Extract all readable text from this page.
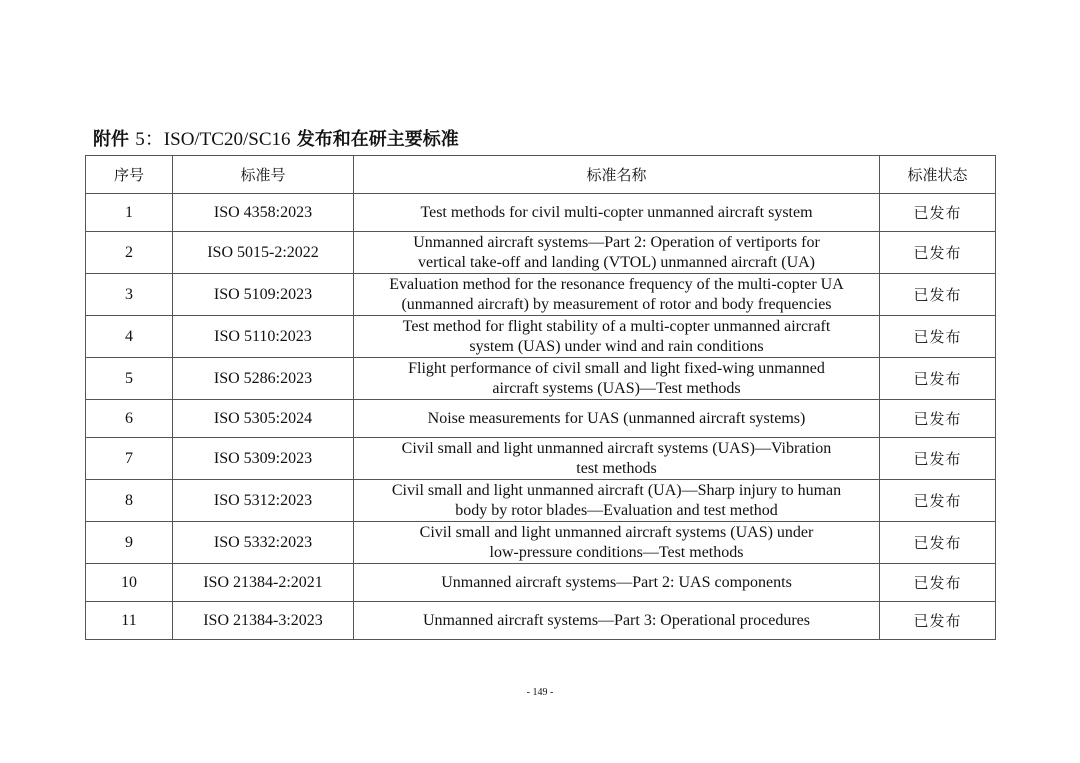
附件 5：ISO/TC20/SC16 发布和在研主要标准
序号	标准号	标准名称	标准状态
1	ISO 4358:2023	Test methods for civil multi-copter unmanned aircraft system	已发布
2	ISO 5015-2:2022	Unmanned aircraft systems—Part 2: Operation of vertiports for
vertical take-off and landing (VTOL) unmanned aircraft (UA)	已发布
3	ISO 5109:2023	Evaluation method for the resonance frequency of the multi-copter UA
(unmanned aircraft) by measurement of rotor and body frequencies	已发布
4	ISO 5110:2023	Test method for flight stability of a multi-copter unmanned aircraft
system (UAS) under wind and rain conditions	已发布
5	ISO 5286:2023	Flight performance of civil small and light fixed-wing unmanned
aircraft systems (UAS)—Test methods	已发布
6	ISO 5305:2024	Noise measurements for UAS (unmanned aircraft systems)	已发布
7	ISO 5309:2023	Civil small and light unmanned aircraft systems (UAS)—Vibration
test methods	已发布
8	ISO 5312:2023	Civil small and light unmanned aircraft (UA)—Sharp injury to human
body by rotor blades—Evaluation and test method	已发布
9	ISO 5332:2023	Civil small and light unmanned aircraft systems (UAS) under
low-pressure conditions—Test methods	已发布
10	ISO 21384-2:2021	Unmanned aircraft systems—Part 2: UAS components	已发布
11	ISO 21384-3:2023	Unmanned aircraft systems—Part 3: Operational procedures	已发布
- 149 -
